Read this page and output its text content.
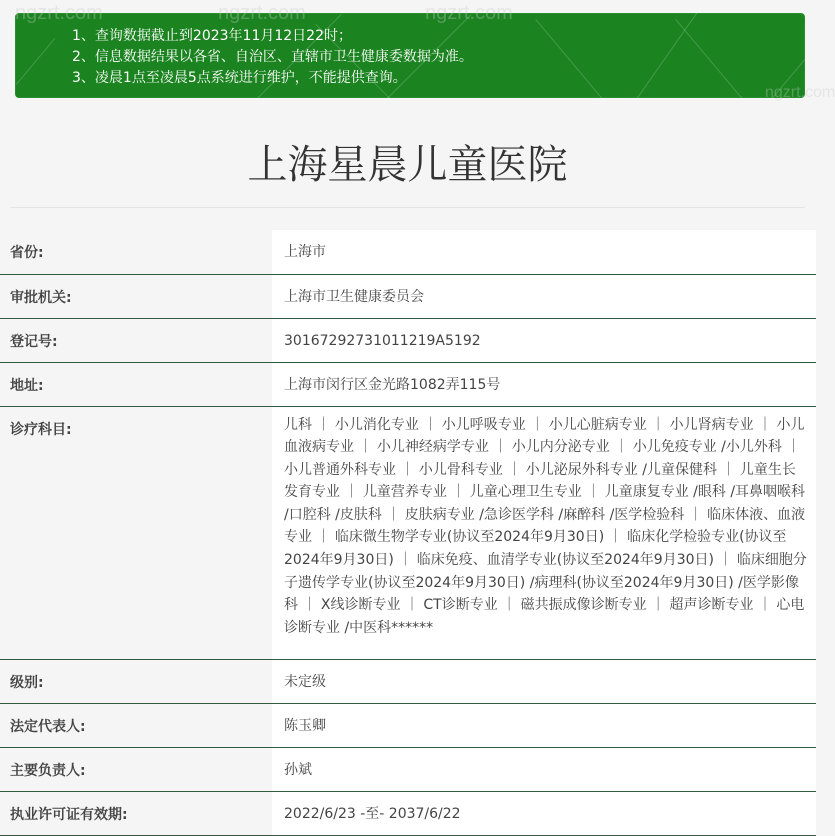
1、查询数据截止到2023年11月12日22时；
2、信息数据结果以各省、自治区、直辖市卫生健康委数据为准。
3、凌晨1点至凌晨5点系统进行维护，不能提供查询。
ngzrt.com	ngzrt.com	ngzrt.com
ngzrt.com
上海星晨儿童医院
省份:	上海市
审批机关:	上海市卫生健康委员会
登记号:	30167292731011219A5192
地址:	上海市闵行区金光路1082弄115号
诊疗科目:	儿科 ｜ 小儿消化专业 ｜ 小儿呼吸专业 ｜ 小儿心脏病专业 ｜ 小儿肾病专业 ｜ 小儿血液病专业 ｜ 小儿神经病学专业 ｜ 小儿内分泌专业 ｜ 小儿免疫专业 /小儿外科 ｜ 小儿普通外科专业 ｜ 小儿骨科专业 ｜ 小儿泌尿外科专业 /儿童保健科 ｜ 儿童生长发育专业 ｜ 儿童营养专业 ｜ 儿童心理卫生专业 ｜ 儿童康复专业 /眼科 /耳鼻咽喉科 /口腔科 /皮肤科 ｜ 皮肤病专业 /急诊医学科 /麻醉科 /医学检验科 ｜ 临床体液、血液专业 ｜ 临床微生物学专业(协议至2024年9月30日) ｜ 临床化学检验专业(协议至2024年9月30日) ｜ 临床免疫、血清学专业(协议至2024年9月30日) ｜ 临床细胞分子遗传学专业(协议至2024年9月30日) /病理科(协议至2024年9月30日) /医学影像科 ｜ X线诊断专业 ｜ CT诊断专业 ｜ 磁共振成像诊断专业 ｜ 超声诊断专业 ｜ 心电诊断专业 /中医科******
级别:	未定级
法定代表人:	陈玉卿
主要负责人:	孙斌
执业许可证有效期:	2022/6/23 -至- 2037/6/22
